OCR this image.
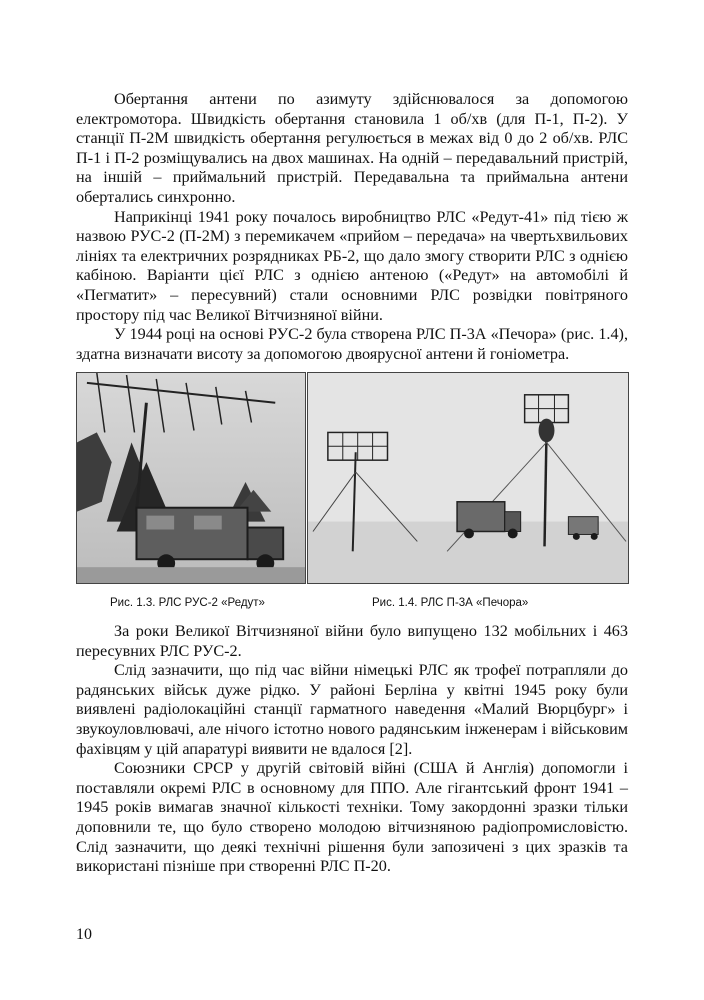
Обертання антени по азимуту здійснювалося за допомогою електромотора. Швидкість обертання становила 1 об/хв (для П-1, П-2). У станції П-2М швидкість обертання регулюється в межах від 0 до 2 об/хв. РЛС П-1 і П-2 розміщувались на двох машинах. На одній – передавальний пристрій, на іншій – приймальний пристрій. Передавальна та приймальна антени обертались синхронно.

Наприкінці 1941 року почалось виробництво РЛС «Редут-41» під тією ж назвою РУС-2 (П-2М) з перемикачем «прийом – передача» на чвертьхвильових лініях та електричних розрядниках РБ-2, що дало змогу створити РЛС з однією кабіною. Варіанти цієї РЛС з однією антеною («Редут» на автомобілі й «Пегматит» – пересувний) стали основними РЛС розвідки повітряного простору під час Великої Вітчизняної війни.

У 1944 році на основі РУС-2 була створена РЛС П-3А «Печора» (рис. 1.4), здатна визначати висоту за допомогою двоярусної антени й гоніометра.

Рис. 1.3. РЛС РУС-2 «Редут»	Рис. 1.4. РЛС П-3А «Печора»

За роки Великої Вітчизняної війни було випущено 132 мобільних і 463 пересувних РЛС РУС-2.

Слід зазначити, що під час війни німецькі РЛС як трофеї потрапляли до радянських військ дуже рідко. У районі Берліна у квітні 1945 року були виявлені радіолокаційні станції гарматного наведення «Малий Вюрцбург» і звукоуловлювачі, але нічого істотно нового радянським інженерам і військовим фахівцям у цій апаратурі виявити не вдалося [2].

Союзники СРСР у другій світовій війні (США й Англія) допомогли і поставляли окремі РЛС в основному для ППО. Але гігантський фронт 1941 – 1945 років вимагав значної кількості техніки. Тому закордонні зразки тільки доповнили те, що було створено молодою вітчизняною радіопромисловістю. Слід зазначити, що деякі технічні рішення були запозичені з цих зразків та використані пізніше при створенні РЛС П-20.

10
